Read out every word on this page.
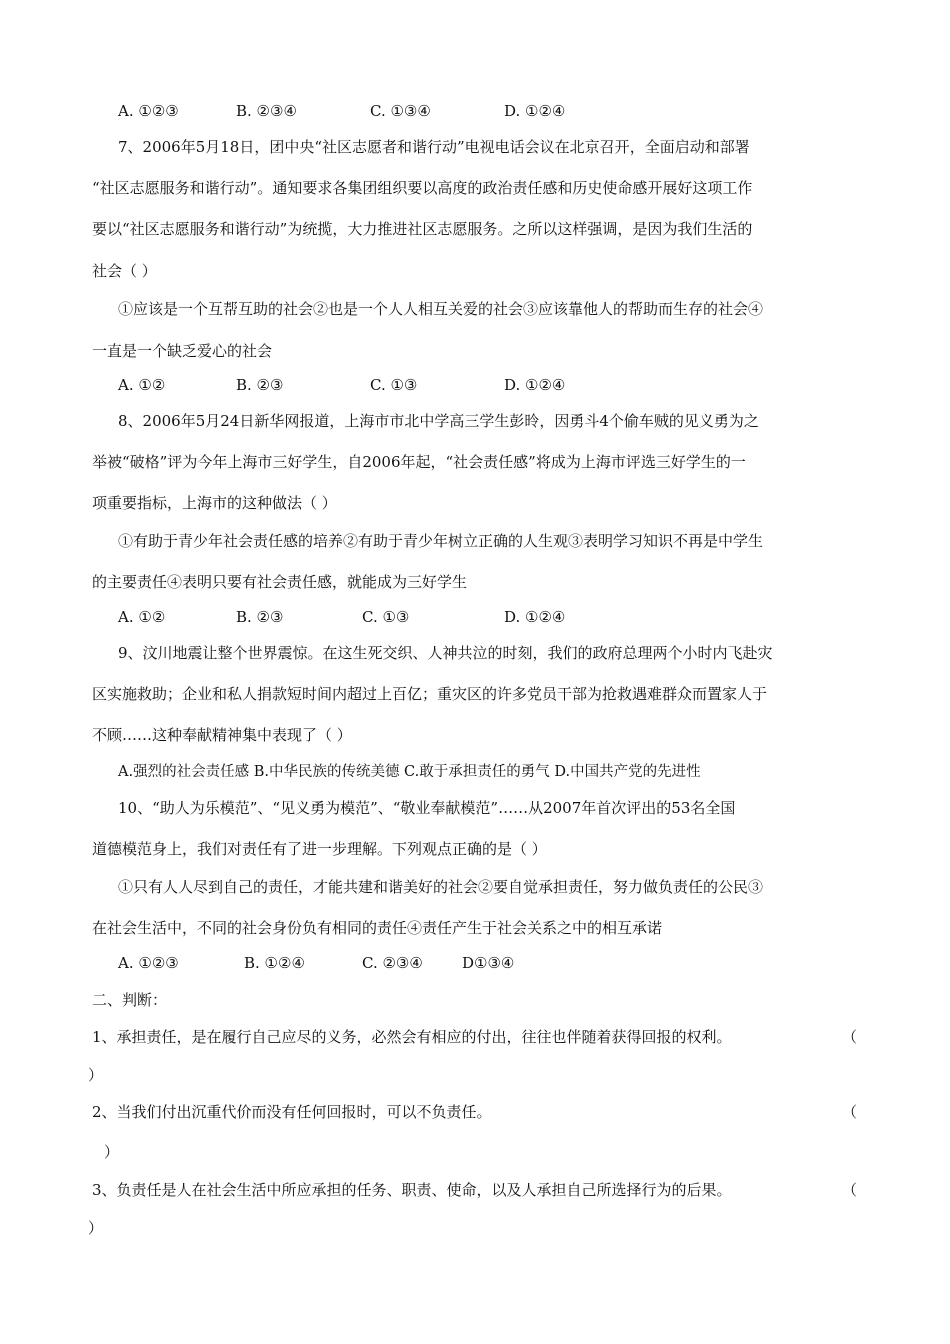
A. ①②③	B. ②③④	C. ①③④	D. ①②④
7、2006年5月18日，团中央“社区志愿者和谐行动”电视电话会议在北京召开，全面启动和部署
“社区志愿服务和谐行动”。通知要求各集团组织要以高度的政治责任感和历史使命感开展好这项工作
要以“社区志愿服务和谐行动”为统揽，大力推进社区志愿服务。之所以这样强调，是因为我们生活的
社会（ ）
①应该是一个互帮互助的社会②也是一个人人相互关爱的社会③应该靠他人的帮助而生存的社会④
一直是一个缺乏爱心的社会
A. ①②	B. ②③	C. ①③	D. ①②④
8、2006年5月24日新华网报道，上海市市北中学高三学生彭昤，因勇斗4个偷车贼的见义勇为之
举被“破格”评为今年上海市三好学生，自2006年起，“社会责任感”将成为上海市评选三好学生的一
项重要指标，上海市的这种做法（ ）
①有助于青少年社会责任感的培养②有助于青少年树立正确的人生观③表明学习知识不再是中学生
的主要责任④表明只要有社会责任感，就能成为三好学生
A. ①②	B. ②③	C. ①③	D. ①②④
9、汶川地震让整个世界震惊。在这生死交织、人神共泣的时刻，我们的政府总理两个小时内飞赴灾
区实施救助；企业和私人捐款短时间内超过上百亿；重灾区的许多党员干部为抢救遇难群众而置家人于
不顾……这种奉献精神集中表现了（ ）
A.强烈的社会责任感 B.中华民族的传统美德 C.敢于承担责任的勇气 D.中国共产党的先进性
10、“助人为乐模范”、“见义勇为模范”、“敬业奉献模范”……从2007年首次评出的53名全国
道德模范身上，我们对责任有了进一步理解。下列观点正确的是（ ）
①只有人人尽到自己的责任，才能共建和谐美好的社会②要自觉承担责任，努力做负责任的公民③
在社会生活中，不同的社会身份负有相同的责任④责任产生于社会关系之中的相互承诺
A. ①②③	B. ①②④	C. ②③④	D①③④
二、判断：
1、承担责任，是在履行自己应尽的义务，必然会有相应的付出，往往也伴随着获得回报的权利。	（
）
2、当我们付出沉重代价而没有任何回报时，可以不负责任。	（
）
3、负责任是人在社会生活中所应承担的任务、职责、使命，以及人承担自己所选择行为的后果。	（
）
